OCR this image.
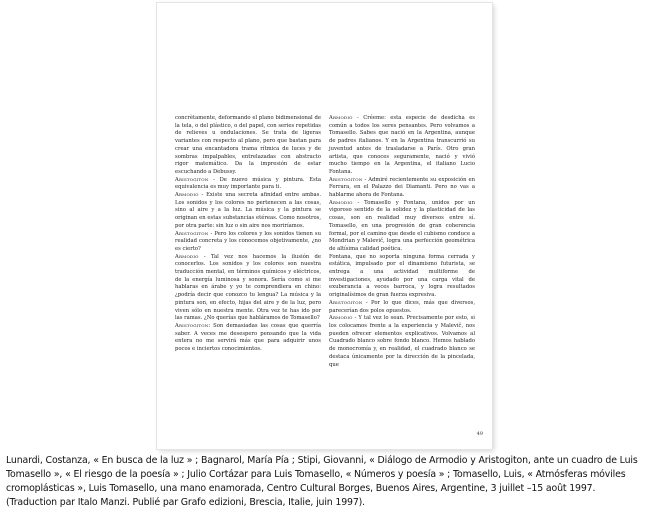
concrètamente, deformando el plano bidimensional de la tela, o del plástico, o del papel, con series repetidas de relieves u ondulaciones. Se trata de ligeras variantes con respecto al plano, pero que bastan para crear una encantadora trama rítmica de luces y de sombras impalpables, entrelazadas con abstracto rigor matemático. Da la impresión de estar escuchando a Debussy.

Aristogiton - De nuevo música y pintura. Esta equivalencia es muy importante para ti.

Armodio - Existe una secreta afinidad entre ambas. Los sonidos y los colores no pertenecen a las cosas, sino al aire y a la luz. La música y la pintura se originan en estas substancias etéreas. Como nosotros, por otra parte: sin luz o sin aire nos moriríamos.

Aristogiton - Pero los colores y los sonidos tienen su realidad concreta y los conocemos objetivamente, ¿no es cierto?

Armodio - Tal vez nos hacemos la ilusión de conocerlos. Los sonidos y los colores son nuestra traducción mental, en términos químicos y eléctricos, de la energía luminosa y sonora. Sería como si me hablaras en árabe y yo te comprendiera en chino: ¿podría decir que conozco tu lengua? La música y la pintura son, en efecto, hijas del aire y de la luz, pero viven sólo en nuestra mente. Otra vez te has ido por las ramas. ¿No querías que habláramos de Tomasello?

Aristogiton: Son demasiadas las cosas que querría saber. A veces me desespero pensando que la vida entera no me servirá más que para adquirir unos pocos e inciertos conocimientos.

Armodio - Créeme: esta especie de desdicha es común a todos los seres pensantes. Pero volvamos a Tomasello. Sabes que nació en la Argentina, aunque de padres italianos. Y en la Argentina transcurrió su juventud antes de trasladarse a París. Otro gran artista, que conoces seguramente, nació y vivió mucho tiempo en la Argentina, el italiano Lucio Fontana.

Aristogiton - Admiré recientemente su exposición en Ferrara, en el Palazzo dei Diamanti. Pero no vas a hablarme ahora de Fontana.

Armodio - Tomasello y Fontana, unidos por un vigoroso sentido de la solidez y la plasticidad de las cosas, son en realidad muy diversos entre sí. Tomasello, en una progresión de gran coherencia formal, por el camino que desde el cubismo conduce a Mondrian y Malevič, logra una perfección geométrica de altísima calidad poética.

Fontana, que no soporta ninguna forma cerrada y estática, impulsado por el dinamismo futurista, se entrega a una actividad multiforme de investigaciones, ayudado por una carga vital de exuberancia a veces barroca, y logra resultados originalísimos de gran fuerza expresiva.

Aristogiton - Por lo que dices, más que diversos, parecerían dos polos opuestos.

Armodio - Y tal vez lo sean. Precisamente por esto, si los colocamos frente a la experiencia y Malevič, nos pueden ofrecer elementos explicativos. Volvamos al Cuadrado blanco sobre fondo blanco. Hemos hablado de monocromía y, en realidad, el cuadrado blanco se destaca únicamente por la dirección de la pincelada, que

49
Lunardi, Costanza, « En busca de la luz » ; Bagnarol, María Pía ; Stipi, Giovanni, « Diálogo de Armodio y Aristogiton, ante un cuadro de Luis Tomasello », « El riesgo de la poesía » ; Julio Cortázar para Luis Tomasello, « Números y poesía » ; Tomasello, Luis, « Atmósferas móviles cromoplásticas », Luis Tomasello, una mano enamorada, Centro Cultural Borges, Buenos Aires, Argentine, 3 juillet –15 août 1997. (Traduction par Italo Manzi. Publié par Grafo edizioni, Brescia, Italie, juin 1997).
